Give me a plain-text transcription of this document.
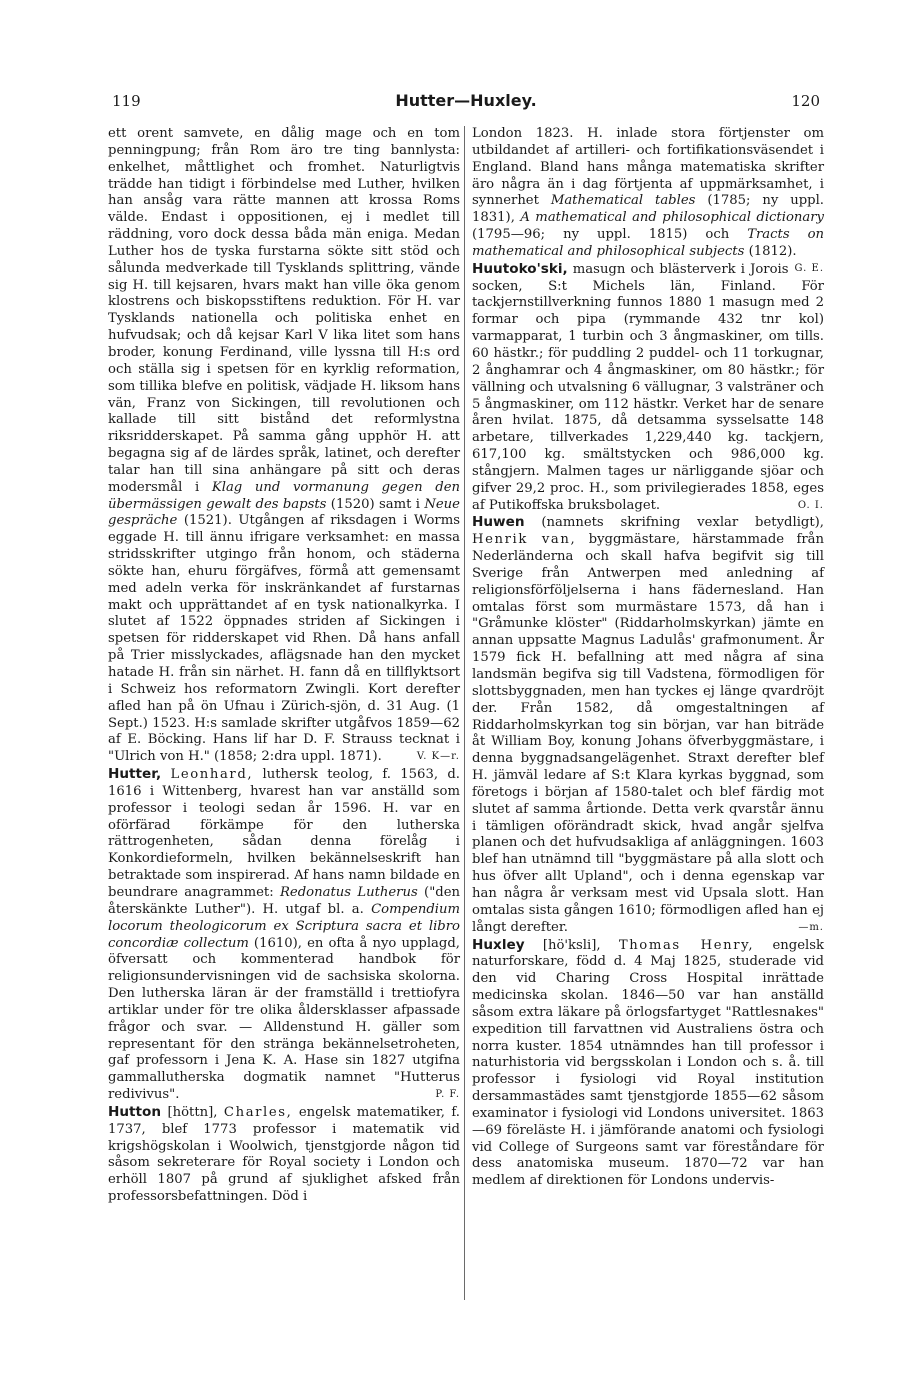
119	Hutter—Huxley.	120

ett orent samvete, en dålig mage och en tom penningpung; från Rom äro tre ting bannlysta: enkelhet, måttlighet och fromhet. Naturligtvis trädde han tidigt i förbindelse med Luther, hvilken han ansåg vara rätte mannen att krossa Roms välde. Endast i oppositionen, ej i medlet till räddning, voro dock dessa båda män eniga. Medan Luther hos de tyska furstarna sökte sitt stöd och sålunda medverkade till Tysklands splittring, vände sig H. till kejsaren, hvars makt han ville öka genom klostrens och biskopsstiftens reduktion. För H. var Tysklands nationella och politiska enhet en hufvudsak; och då kejsar Karl V lika litet som hans broder, konung Ferdinand, ville lyssna till H:s ord och ställa sig i spetsen för en kyrklig reformation, som tillika blefve en politisk, vädjade H. liksom hans vän, Franz von Sickingen, till revolutionen och kallade till sitt bistånd det reformlystna riksridderskapet. På samma gång upphör H. att begagna sig af de lärdes språk, latinet, och derefter talar han till sina anhängare på sitt och deras modersmål i Klag und vormanung gegen den übermässigen gewalt des bapsts (1520) samt i Neue gespräche (1521). Utgången af riksdagen i Worms eggade H. till ännu ifrigare verksamhet: en massa stridsskrifter utgingo från honom, och städerna sökte han, ehuru förgäfves, förmå att gemensamt med adeln verka för inskränkandet af furstarnas makt och upprättandet af en tysk nationalkyrka. I slutet af 1522 öppnades striden af Sickingen i spetsen för ridderskapet vid Rhen. Då hans anfall på Trier misslyckades, aflägsnade han den mycket hatade H. från sin närhet. H. fann då en tillflyktsort i Schweiz hos reformatorn Zwingli. Kort derefter afled han på ön Ufnau i Zürich-sjön, d. 31 Aug. (1 Sept.) 1523. H:s samlade skrifter utgåfvos 1859—62 af E. Böcking. Hans lif har D. F. Strauss tecknat i "Ulrich von H." (1858; 2:dra uppl. 1871).	V. K—r.

Hutter, Leonhard, luthersk teolog, f. 1563, d. 1616 i Wittenberg, hvarest han var anställd som professor i teologi sedan år 1596. H. var en oförfärad förkämpe för den lutherska rättrogenheten, sådan denna förelåg i Konkordieformeln, hvilken bekännelseskrift han betraktade som inspirerad. Af hans namn bildade en beundrare anagrammet: Redonatus Lutherus ("den återskänkte Luther"). H. utgaf bl. a. Compendium locorum theologicorum ex Scriptura sacra et libro concordiæ collectum (1610), en ofta å nyo upplagd, öfversatt och kommenterad handbok för religionsundervisningen vid de sachsiska skolorna. Den lutherska läran är der framställd i trettiofyra artiklar under för tre olika åldersklasser afpassade frågor och svar. — Alldenstund H. gäller som representant för den stränga bekännelsetroheten, gaf professorn i Jena K. A. Hase sin 1827 utgifna gammallutherska dogmatik namnet "Hutterus redivivus".	P. F.

Hutton [höttn], Charles, engelsk matematiker, f. 1737, blef 1773 professor i matematik vid krigshögskolan i Woolwich, tjenstgjorde någon tid såsom sekreterare för Royal society i London och erhöll 1807 på grund af sjuklighet afsked från professorsbefattningen. Död i

London 1823. H. inlade stora förtjenster om utbildandet af artilleri- och fortifikationsväsendet i England. Bland hans många matematiska skrifter äro några än i dag förtjenta af uppmärksamhet, i synnerhet Mathematical tables (1785; ny uppl. 1831), A mathematical and philosophical dictionary (1795—96; ny uppl. 1815) och Tracts on mathematical and philosophical subjects (1812).
G. E.

Huutoko'ski, masugn och blästerverk i Jorois socken, S:t Michels län, Finland. För tackjernstillverkning funnos 1880 1 masugn med 2 formar och pipa (rymmande 432 tnr kol) varmapparat, 1 turbin och 3 ångmaskiner, om tills. 60 hästkr.; för puddling 2 puddel- och 11 torkugnar, 2 ånghamrar och 4 ångmaskiner, om 80 hästkr.; för vällning och utvalsning 6 vällugnar, 3 valsträner och 5 ångmaskiner, om 112 hästkr. Verket har de senare åren hvilat. 1875, då detsamma sysselsatte 148 arbetare, tillverkades 1,229,440 kg. tackjern, 617,100 kg. smältstycken och 986,000 kg. stångjern. Malmen tages ur närliggande sjöar och gifver 29,2 proc. H., som privilegierades 1858, eges af Putikoffska bruksbolaget.	O. I.

Huwen (namnets skrifning vexlar betydligt), Henrik van, byggmästare, härstammade från Nederländerna och skall hafva begifvit sig till Sverige från Antwerpen med anledning af religionsförföljelserna i hans fädernesland. Han omtalas först som murmästare 1573, då han i "Gråmunke klöster" (Riddarholmskyrkan) jämte en annan uppsatte Magnus Ladulås' grafmonument. År 1579 fick H. befallning att med några af sina landsmän begifva sig till Vadstena, förmodligen för slottsbyggnaden, men han tyckes ej länge qvardröjt der. Från 1582, då omgestaltningen af Riddarholmskyrkan tog sin början, var han biträde åt William Boy, konung Johans öfverbyggmästare, i denna byggnadsangelägenhet. Straxt derefter blef H. jämväl ledare af S:t Klara kyrkas byggnad, som företogs i början af 1580-talet och blef färdig mot slutet af samma årtionde. Detta verk qvarstår ännu i tämligen oförändradt skick, hvad angår sjelfva planen och det hufvudsakliga af anläggningen. 1603 blef han utnämnd till "byggmästare på alla slott och hus öfver allt Upland", och i denna egenskap var han några år verksam mest vid Upsala slott. Han omtalas sista gången 1610; förmodligen afled han ej långt derefter.	—m.

Huxley [hö'ksli], Thomas Henry, engelsk naturforskare, född d. 4 Maj 1825, studerade vid den vid Charing Cross Hospital inrättade medicinska skolan. 1846—50 var han anställd såsom extra läkare på örlogsfartyget "Rattlesnakes" expedition till farvattnen vid Australiens östra och norra kuster. 1854 utnämndes han till professor i naturhistoria vid bergsskolan i London och s. å. till professor i fysiologi vid Royal institution dersammastädes samt tjenstgjorde 1855—62 såsom examinator i fysiologi vid Londons universitet. 1863—69 föreläste H. i jämförande anatomi och fysiologi vid College of Surgeons samt var föreståndare för dess anatomiska museum. 1870—72 var han medlem af direktionen för Londons undervis-
